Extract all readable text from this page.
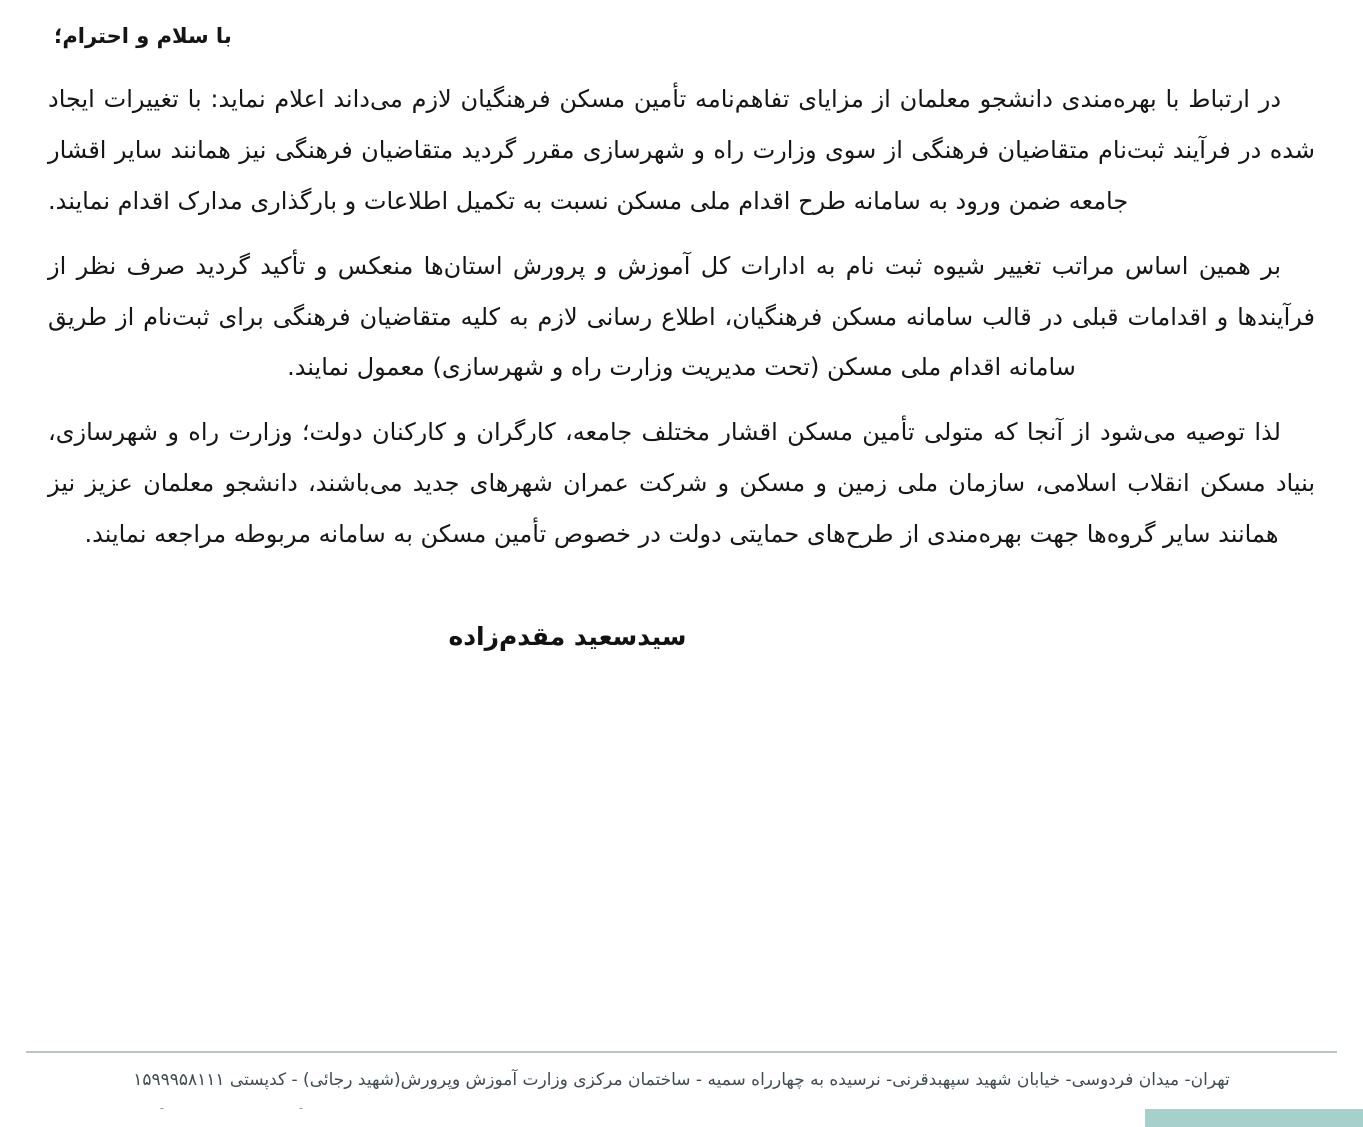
با سلام و احترام؛

در ارتباط با بهره‌مندی دانشجو معلمان از مزایای تفاهم‌نامه تأمین مسکن فرهنگیان لازم می‌داند اعلام نماید: با تغییرات ایجاد شده در فرآیند ثبت‌نام متقاضیان فرهنگی از سوی وزارت راه و شهرسازی مقرر گردید متقاضیان فرهنگی نیز همانند سایر اقشار جامعه ضمن ورود به سامانه طرح اقدام ملی مسکن نسبت به تکمیل اطلاعات و بارگذاری مدارک اقدام نمایند.

بر همین اساس مراتب تغییر شیوه ثبت نام به ادارات کل آموزش و پرورش استان‌ها منعکس و تأکید گردید صرف نظر از فرآیندها و اقدامات قبلی در قالب سامانه مسکن فرهنگیان، اطلاع رسانی لازم به کلیه متقاضیان فرهنگی برای ثبت‌نام از طریق سامانه اقدام ملی مسکن (تحت مدیریت وزارت راه و شهرسازی) معمول نمایند.

لذا توصیه می‌شود از آنجا که متولی تأمین مسکن اقشار مختلف جامعه، کارگران و کارکنان دولت؛ وزارت راه و شهرسازی، بنیاد مسکن انقلاب اسلامی، سازمان ملی زمین و مسکن و شرکت عمران شهرهای جدید می‌باشند، دانشجو معلمان عزیز نیز همانند سایر گروه‌ها جهت بهره‌مندی از طرح‌های حمایتی دولت در خصوص تأمین مسکن به سامانه مربوطه مراجعه نمایند.

سیدسعید مقدم‌زاده
تهران- میدان فردوسی- خیابان شهید سپهبدقرنی- نرسیده به چهارراه سمیه - ساختمان مرکزی وزارت آموزش وپرورش(شهید رجائی) - کدپستی ۱۵۹۹۹۵۸۱۱۱
